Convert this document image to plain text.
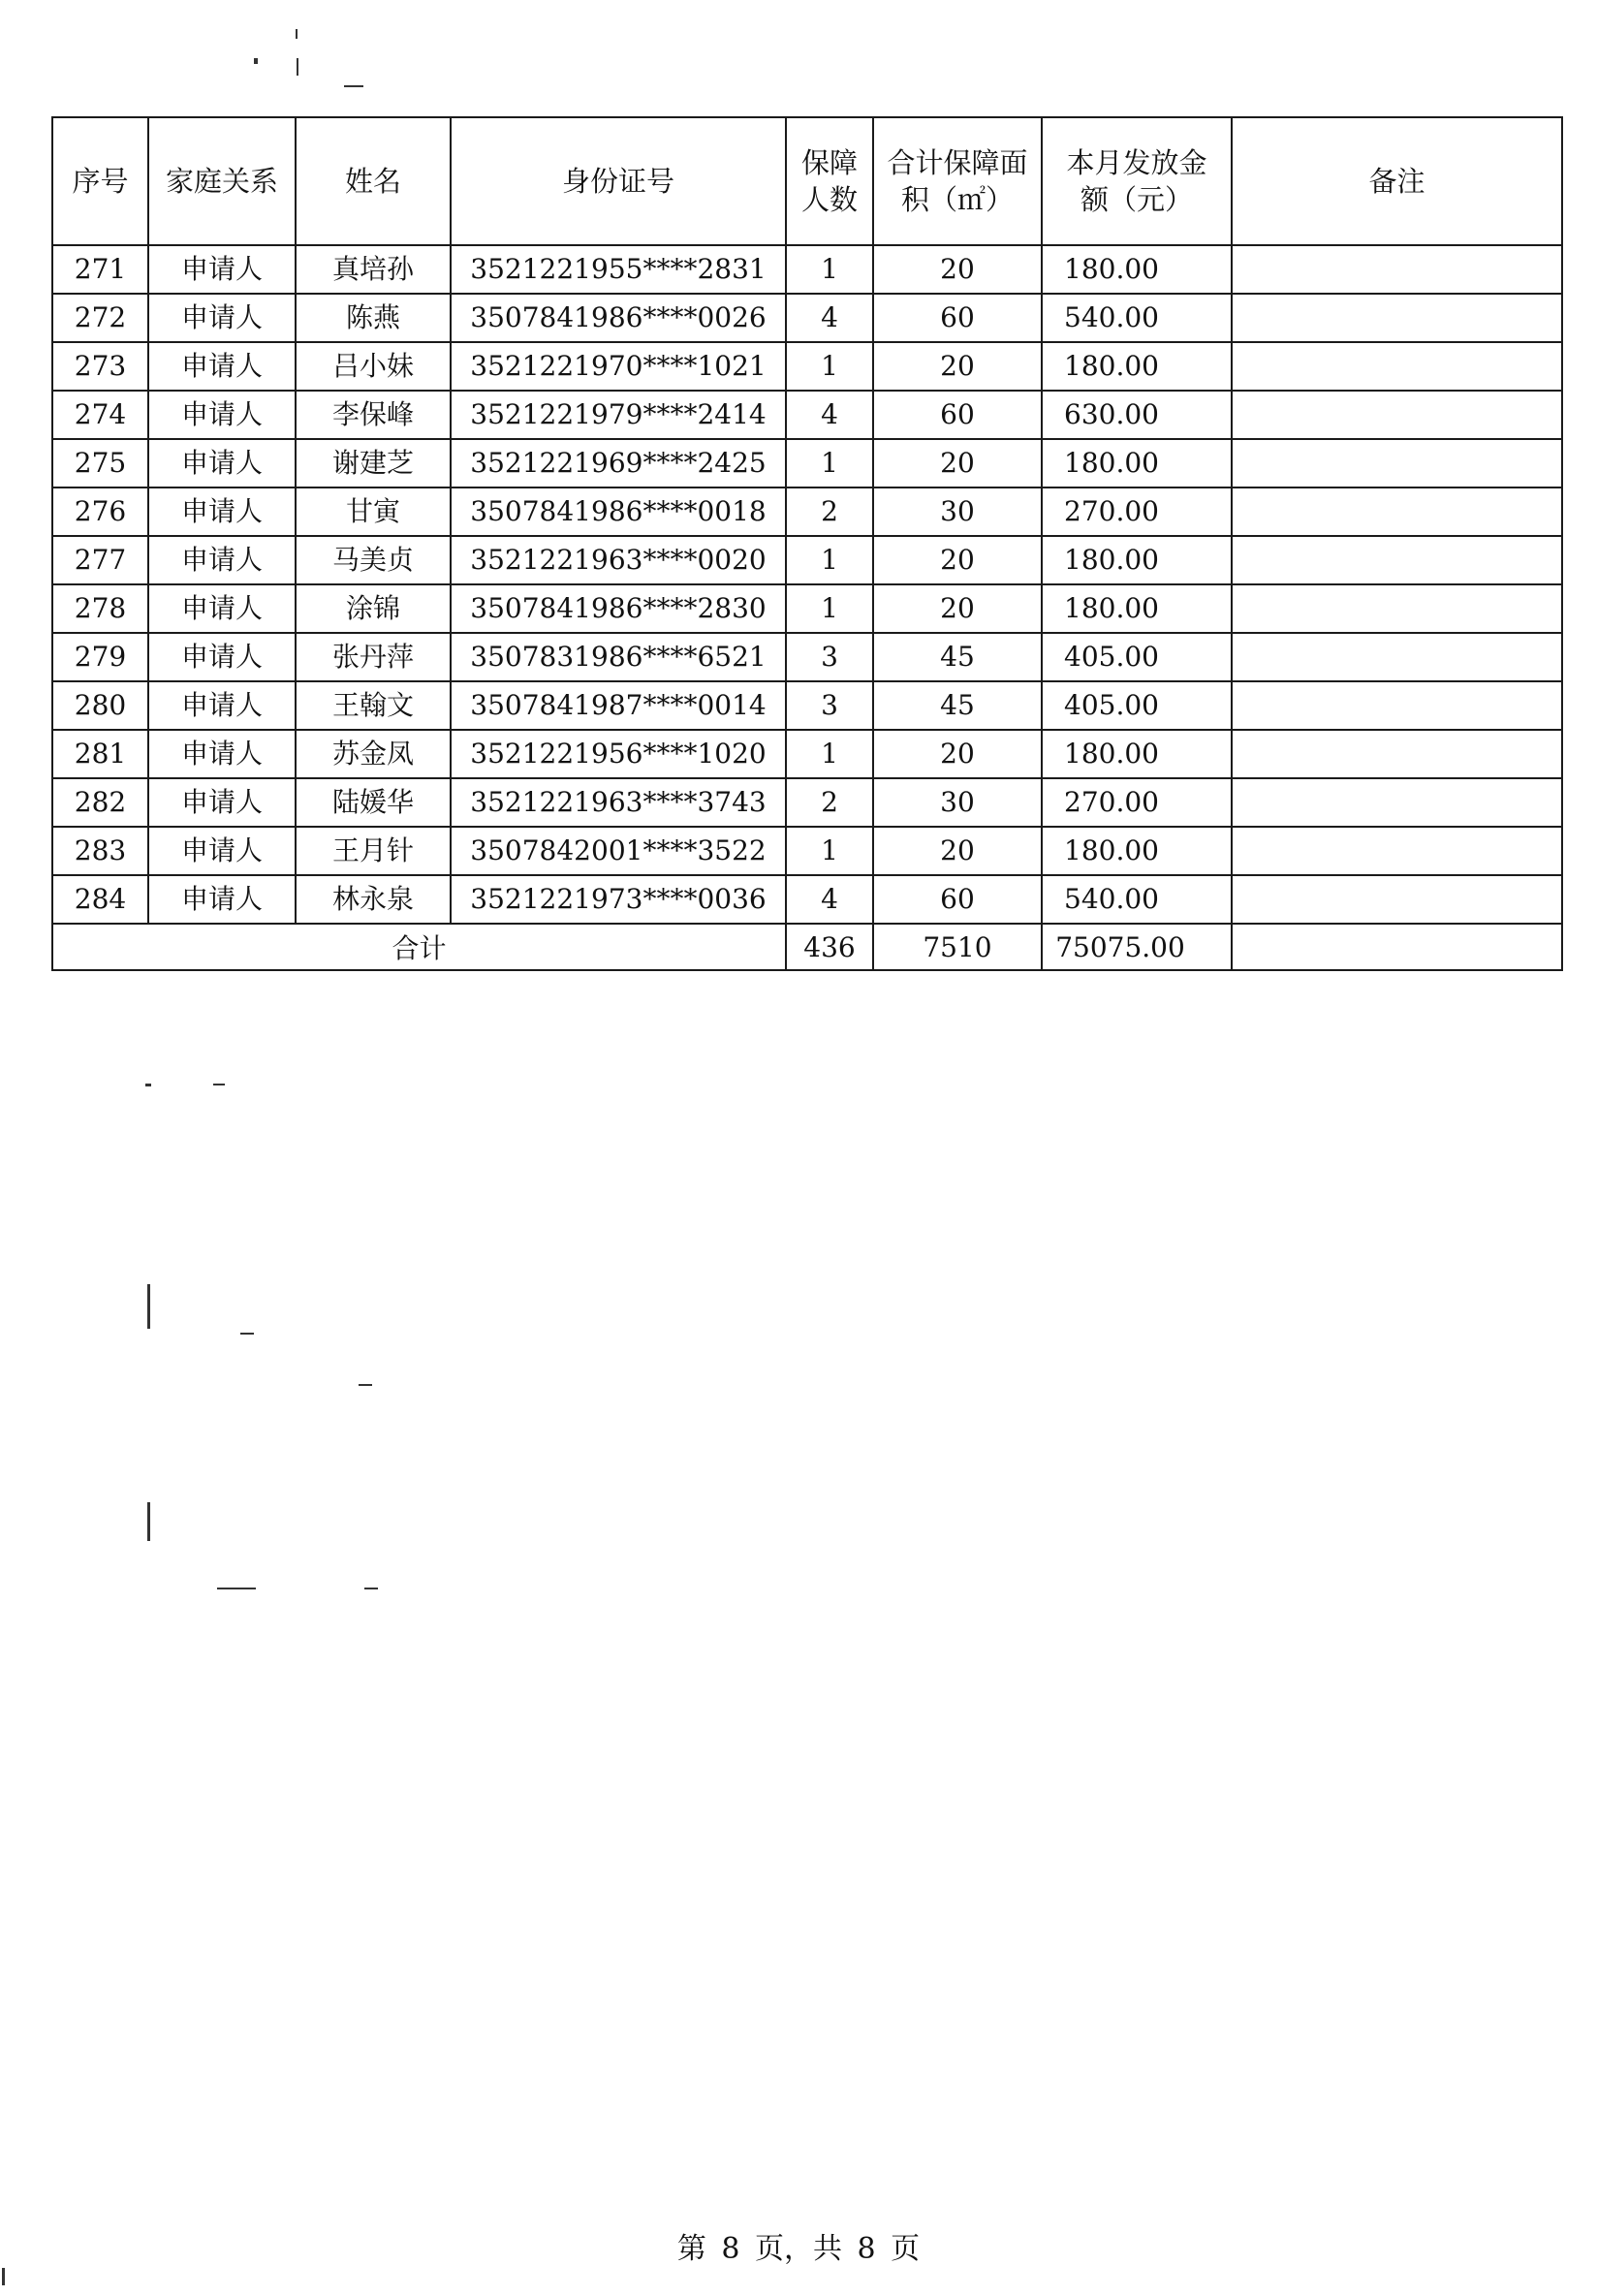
序号	家庭关系	姓名	身份证号	保障人数	合计保障面积（㎡）	本月发放金额（元）	备注
271	申请人	真培孙	3521221955****2831	1	20	180.00	
272	申请人	陈燕	3507841986****0026	4	60	540.00	
273	申请人	吕小妹	3521221970****1021	1	20	180.00	
274	申请人	李保峰	3521221979****2414	4	60	630.00	
275	申请人	谢建芝	3521221969****2425	1	20	180.00	
276	申请人	甘寅	3507841986****0018	2	30	270.00	
277	申请人	马美贞	3521221963****0020	1	20	180.00	
278	申请人	涂锦	3507841986****2830	1	20	180.00	
279	申请人	张丹萍	3507831986****6521	3	45	405.00	
280	申请人	王翰文	3507841987****0014	3	45	405.00	
281	申请人	苏金凤	3521221956****1020	1	20	180.00	
282	申请人	陆媛华	3521221963****3743	2	30	270.00	
283	申请人	王月针	3507842001****3522	1	20	180.00	
284	申请人	林永泉	3521221973****0036	4	60	540.00	
合计				436	7510	75075.00	
第 8 页，共 8 页
